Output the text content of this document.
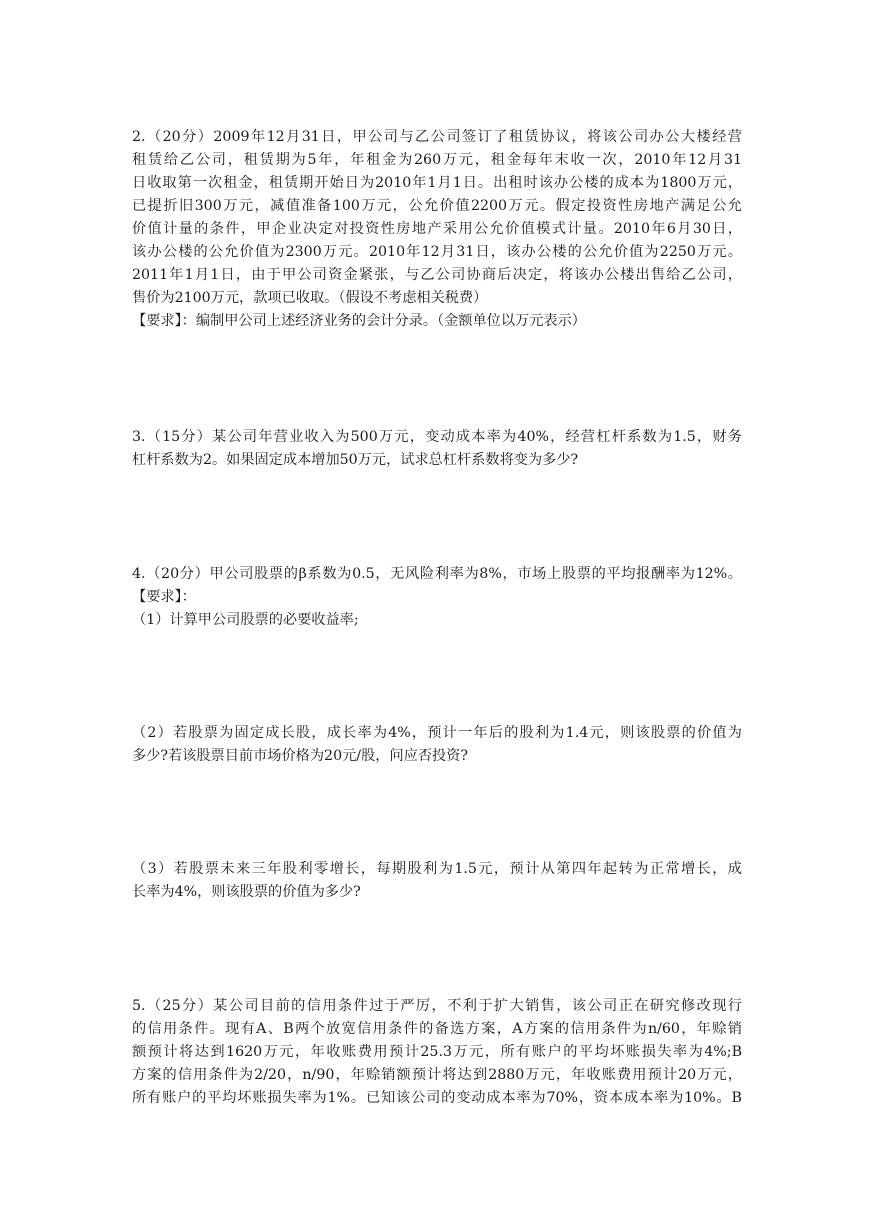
2.（20分）2009年12月31日，甲公司与乙公司签订了租赁协议，将该公司办公大楼经营
租赁给乙公司，租赁期为5年，年租金为260万元，租金每年末收一次，2010年12月31
日收取第一次租金，租赁期开始日为2010年1月1日。出租时该办公楼的成本为1800万元，
已提折旧300万元，减值准备100万元，公允价值2200万元。假定投资性房地产满足公允
价值计量的条件，甲企业决定对投资性房地产采用公允价值模式计量。2010年6月30日，
该办公楼的公允价值为2300万元。2010年12月31日，该办公楼的公允价值为2250万元。
2011年1月1日，由于甲公司资金紧张，与乙公司协商后决定，将该办公楼出售给乙公司，
售价为2100万元，款项已收取。（假设不考虑相关税费）
【要求】：编制甲公司上述经济业务的会计分录。（金额单位以万元表示）
3.（15分）某公司年营业收入为500万元，变动成本率为40%，经营杠杆系数为1.5，财务
杠杆系数为2。如果固定成本增加50万元，试求总杠杆系数将变为多少?
4.（20分）甲公司股票的β系数为0.5，无风险利率为8%，市场上股票的平均报酬率为12%。
【要求】：
（1）计算甲公司股票的必要收益率;
（2）若股票为固定成长股，成长率为4%，预计一年后的股利为1.4元，则该股票的价值为
多少?若该股票目前市场价格为20元/股，问应否投资?
（3）若股票未来三年股利零增长，每期股利为1.5元，预计从第四年起转为正常增长，成
长率为4%，则该股票的价值为多少?
5.（25分）某公司目前的信用条件过于严厉，不利于扩大销售，该公司正在研究修改现行
的信用条件。现有A、B两个放宽信用条件的备选方案，A方案的信用条件为n/60，年赊销
额预计将达到1620万元，年收账费用预计25.3万元，所有账户的平均坏账损失率为4%;B
方案的信用条件为2/20，n/90，年赊销额预计将达到2880万元，年收账费用预计20万元，
所有账户的平均坏账损失率为1%。已知该公司的变动成本率为70%，资本成本率为10%。B
